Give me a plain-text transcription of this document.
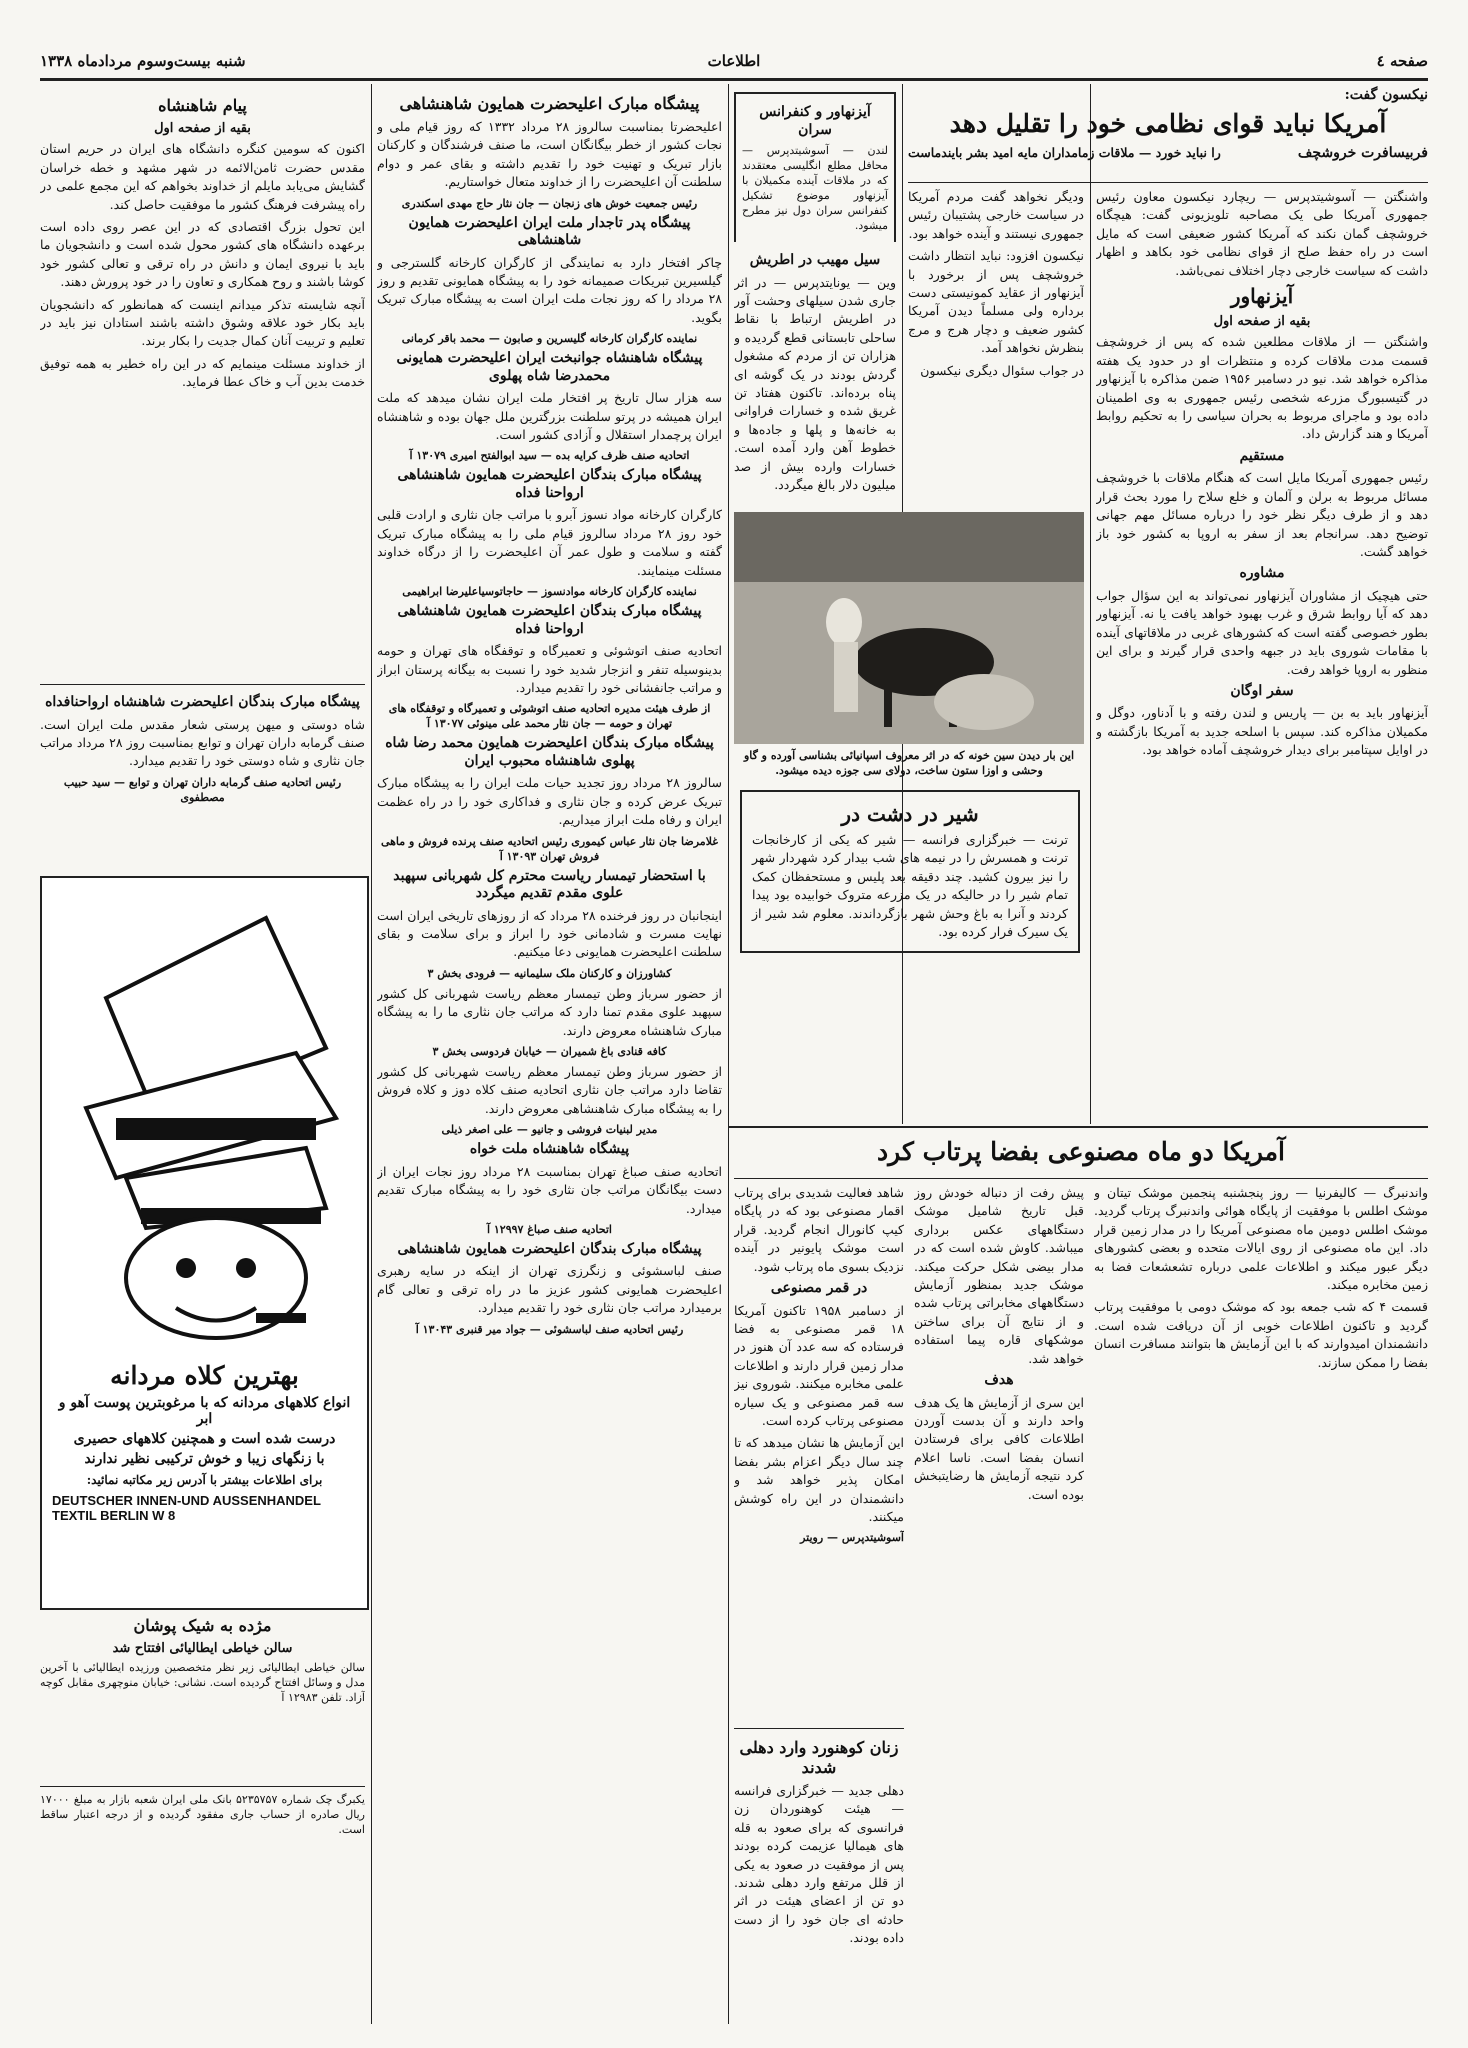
صفحه ٤
اطلاعات
شنبه بیست‌وسوم مردادماه ۱۳۳۸
نیکسون گفت:
آمریکا نباید قوای نظامی خود را تقلیل دهد
فربیسافرت خروشچف
را نباید خورد — ملاقات زمامداران مایه امید بشر بایندماست

واشنگتن — آسوشیتدپرس — ریچارد نیکسون معاون رئیس جمهوری آمریکا طی یک مصاحبه تلویزیونی گفت: هیچگاه خروشچف گمان نکند که آمریکا کشور ضعیفی است که مایل است در راه حفظ صلح از قوای نظامی خود بکاهد و اظهار داشت که سیاست خارجی دچار اختلاف نمی‌باشد.

آیزنهاور
بقیه از صفحه اول

واشنگتن — از ملاقات مطلعین شده که پس از خروشچف قسمت مدت ملاقات کرده و منتظرات او در حدود یک هفته مذاکره خواهد شد. نیو در دسامبر ۱۹۵۶ ضمن مذاکره با آیزنهاور در گتیسبورگ مزرعه شخصی رئیس جمهوری به وی اطمینان داده بود و ماجرای مربوط به بحران سیاسی را به تحکیم روابط آمریکا و هند گزارش داد.

مستقیم

رئیس جمهوری آمریکا مایل است که هنگام ملاقات با خروشچف مسائل مربوط به برلن و آلمان و خلع سلاح را مورد بحث قرار دهد و از طرف دیگر نظر خود را درباره مسائل مهم جهانی توضیح دهد. سرانجام بعد از سفر به اروپا به کشور خود باز خواهد گشت.

مشاوره

حتی هیچیک از مشاوران آیزنهاور نمی‌تواند به این سؤال جواب دهد که آیا روابط شرق و غرب بهبود خواهد یافت یا نه. آیزنهاور بطور خصوصی گفته است که کشورهای غربی در ملاقاتهای آینده با مقامات شوروی باید در جبهه واحدی قرار گیرند و برای این منظور به اروپا خواهد رفت.

سفر اوگان

آیزنهاور باید به بن — پاریس و لندن رفته و با آدناور، دوگل و مکمیلان مذاکره کند. سپس با اسلحه جدید به آمریکا بازگشته و در اوایل سپتامبر برای دیدار خروشچف آماده خواهد بود.

ودیگر نخواهد گفت مردم آمریکا در سیاست خارجی پشتیبان رئیس جمهوری نیستند و آینده خواهد بود.

نیکسون افزود: نباید انتظار داشت خروشچف پس از برخورد با آیزنهاور از عقاید کمونیستی دست برداره ولی مسلماً دیدن آمریکا کشور ضعیف و دچار هرج و مرج بنظرش نخواهد آمد.

در جواب سئوال دیگری نیکسون

آیزنهاور و کنفرانس سران

لندن — آسوشیتدپرس — محافل مطلع انگلیسی معتقدند که در ملاقات آینده مکمیلان با آیزنهاور موضوع تشکیل کنفرانس سران دول نیز مطرح میشود.

سیل مهیب در اطریش

وین — یونایتدپرس — در اثر جاری شدن سیلهای وحشت آور در اطریش ارتباط با نقاط ساحلی تابستانی قطع گردیده و هزاران تن از مردم که مشغول گردش بودند در یک گوشه ای پناه برده‌اند. تاکنون هفتاد تن غریق شده و خسارات فراوانی به خانه‌ها و پلها و جاده‌ها و خطوط آهن وارد آمده است. خسارات وارده بیش از صد میلیون دلار بالغ میگردد.

این بار دیدن سین خونه که در اثر معروف اسپانیائی بشناسی آورده و گاو وحشی و اوزا ستون ساخت، دولای سی جوزه دیده میشود.
شیر در دشت در

ترنت — خبرگزاری فرانسه — شیر که یکی از کارخانجات ترنت و همسرش را در نیمه های شب بیدار کرد شهردار شهر را نیز بیرون کشید. چند دقیقه بعد پلیس و مستحفظان کمک تمام شیر را در حالیکه در یک مزرعه متروک خوابیده بود پیدا کردند و آنرا به باغ وحش شهر بازگرداندند. معلوم شد شیر از یک سیرک فرار کرده بود.

پیشگاه مبارک اعلیحضرت همایون شاهنشاهی

اعلیحضرتا بمناسبت سالروز ۲۸ مرداد ۱۳۳۲ که روز قیام ملی و نجات کشور از خطر بیگانگان است، ما صنف فرشندگان و کارکنان بازار تبریک و تهنیت خود را تقدیم داشته و بقای عمر و دوام سلطنت آن اعلیحضرت را از خداوند متعال خواستاریم.

رئیس جمعیت خوش های زنجان — جان نثار حاج مهدی اسکندری

پیشگاه پدر تاجدار ملت ایران اعلیحضرت همایون شاهنشاهی

چاکر افتخار دارد به نمایندگی از کارگران کارخانه گلسترجی و گیلسیرین تبریکات صمیمانه خود را به پیشگاه همایونی تقدیم و روز ۲۸ مرداد را که روز نجات ملت ایران است به پیشگاه مبارک تبریک بگوید.

نماینده کارگران کارخانه گلیسرین و صابون — محمد باقر کرمانی

پیشگاه شاهنشاه جوانبخت ایران اعلیحضرت همایونی محمدرضا شاه پهلوی

سه هزار سال تاریخ پر افتخار ملت ایران نشان میدهد که ملت ایران همیشه در پرتو سلطنت بزرگترین ملل جهان بوده و شاهنشاه ایران پرچمدار استقلال و آزادی کشور است.

اتحادیه صنف ظرف کرایه بده — سید ابوالفتح امیری ۱۳۰۷۹ آ

پیشگاه مبارک بندگان اعلیحضرت همایون شاهنشاهی ارواحنا فداه

کارگران کارخانه مواد نسوز آبرو با مراتب جان نثاری و ارادت قلبی خود روز ۲۸ مرداد سالروز قیام ملی را به پیشگاه مبارک تبریک گفته و سلامت و طول عمر آن اعلیحضرت را از درگاه خداوند مسئلت مینمایند.

نماینده کارگران کارخانه موادنسوز — حاجاتوسیاعلیرضا ابراهیمی

پیشگاه مبارک بندگان اعلیحضرت همایون شاهنشاهی ارواحنا فداه

اتحادیه صنف اتوشوئی و تعمیرگاه و توقفگاه های تهران و حومه بدینوسیله تنفر و انزجار شدید خود را نسبت به بیگانه پرستان ابراز و مراتب جانفشانی خود را تقدیم میدارد.

از طرف هیئت مدیره اتحادیه صنف اتوشوئی و تعمیرگاه و توقفگاه های تهران و حومه — جان نثار محمد علی مینوئی ۱۳۰۷۷ آ

پیشگاه مبارک بندگان اعلیحضرت همایون محمد رضا شاه پهلوی شاهنشاه محبوب ایران

سالروز ۲۸ مرداد روز تجدید حیات ملت ایران را به پیشگاه مبارک تبریک عرض کرده و جان نثاری و فداکاری خود را در راه عظمت ایران و رفاه ملت ابراز میداریم.

غلامرضا جان نثار عباس کیموری رئیس اتحادیه صنف پرنده فروش و ماهی فروش تهران ۱۳۰۹۳ آ

با استحضار تیمسار ریاست محترم کل شهربانی سپهبد علوی مقدم تقدیم میگردد

اینجانبان در روز فرخنده ۲۸ مرداد که از روزهای تاریخی ایران است نهایت مسرت و شادمانی خود را ابراز و برای سلامت و بقای سلطنت اعلیحضرت همایونی دعا میکنیم.

کشاورزان و کارکنان ملک سلیمانیه — فرودی بخش ۳

از حضور سرباز وطن تیمسار معظم ریاست شهربانی کل کشور سپهبد علوی مقدم تمنا دارد که مراتب جان نثاری ما را به پیشگاه مبارک شاهنشاه معروض دارند.

کافه قنادی باغ شمیران — خیابان فردوسی بخش ۳

از حضور سرباز وطن تیمسار معظم ریاست شهربانی کل کشور تقاضا دارد مراتب جان نثاری اتحادیه صنف کلاه دوز و کلاه فروش را به پیشگاه مبارک شاهنشاهی معروض دارند.

مدیر لبنیات فروشی و جانیو — علی اصغر ذیلی

پیشگاه شاهنشاه ملت خواه

اتحادیه صنف صباغ تهران بمناسبت ۲۸ مرداد روز نجات ایران از دست بیگانگان مراتب جان نثاری خود را به پیشگاه مبارک تقدیم میدارد.

اتحادیه صنف صباغ ۱۲۹۹۷ آ

پیشگاه مبارک بندگان اعلیحضرت همایون شاهنشاهی

صنف لباسشوئی و زنگرزی تهران از اینکه در سایه رهبری اعلیحضرت همایونی کشور عزیز ما در راه ترقی و تعالی گام برمیدارد مراتب جان نثاری خود را تقدیم میدارد.

رئیس اتحادیه صنف لباسشوئی — جواد میر قنبری ۱۳۰۴۳ آ

پیام شاهنشاه
بقیه از صفحه اول

اکنون که سومین کنگره دانشگاه های ایران در حریم استان مقدس حضرت ثامن‌الائمه در شهر مشهد و خطه خراسان گشایش می‌یابد مایلم از خداوند بخواهم که این مجمع علمی در راه پیشرفت فرهنگ کشور ما موفقیت حاصل کند.

این تحول بزرگ اقتصادی که در این عصر روی داده است برعهده دانشگاه های کشور محول شده است و دانشجویان ما باید با نیروی ایمان و دانش در راه ترقی و تعالی کشور خود کوشا باشند و روح همکاری و تعاون را در خود پرورش دهند.

آنچه شایسته تذکر میدانم اینست که همانطور که دانشجویان باید بکار خود علاقه وشوق داشته باشند استادان نیز باید در تعلیم و تربیت آنان کمال جدیت را بکار برند.

از خداوند مسئلت مینمایم که در این راه خطیر به همه توفیق خدمت بدین آب و خاک عطا فرماید.

پیشگاه مبارک بندگان اعلیحضرت شاهنشاه ارواحنافداه

شاه دوستی و میهن پرستی شعار مقدس ملت ایران است. صنف گرمابه داران تهران و توابع بمناسبت روز ۲۸ مرداد مراتب جان نثاری و شاه دوستی خود را تقدیم میدارد.

رئیس اتحادیه صنف گرمابه داران تهران و توابع — سید حبیب مصطفوی

بهترین کلاه مردانه
انواع کلاههای مردانه که با مرغوبترین پوست آهو و ابر
درست شده است و همچنین کلاههای حصیری
با زنگهای زیبا و خوش ترکیبی نظیر ندارند
برای اطلاعات بیشتر با آدرس زیر مکاتبه نمائید:
DEUTSCHER INNEN-UND AUSSENHANDEL
TEXTIL BERLIN W 8
مژده به شیک پوشان
سالن خیاطی ایطالیائی افتتاح شد

سالن خیاطی ایطالیائی زیر نظر متخصصین ورزیده ایطالیائی با آخرین مدل و وسائل افتتاح گردیده است. نشانی: خیابان منوچهری مقابل کوچه آزاد. تلفن ۱۲۹۸۳ آ

یکبرگ چک شماره ۵۲۳۵۷۵۷ بانک ملی ایران شعبه بازار به مبلغ ۱۷۰۰۰ ریال صادره از حساب جاری مفقود گردیده و از درجه اعتبار ساقط است.
آمریکا دو ماه مصنوعی بفضا پرتاب کرد

واندنبرگ — کالیفرنیا — روز پنجشنبه پنجمین موشک تیتان و موشک اطلس با موفقیت از پایگاه هوائی واندنبرگ پرتاب گردید. موشک اطلس دومین ماه مصنوعی آمریکا را در مدار زمین قرار داد. این ماه مصنوعی از روی ایالات متحده و بعضی کشورهای دیگر عبور میکند و اطلاعات علمی درباره تشعشعات فضا به زمین مخابره میکند.

قسمت ۴ که شب جمعه بود که موشک دومی با موفقیت پرتاب گردید و تاکنون اطلاعات خوبی از آن دریافت شده است. دانشمندان امیدوارند که با این آزمایش ها بتوانند مسافرت انسان بفضا را ممکن سازند.

پیش رفت از دنباله خودش روز قبل تاریخ شامیل موشک دستگاههای عکس برداری میباشد. کاوش شده است که در مدار بیضی شکل حرکت میکند. موشک جدید بمنظور آزمایش دستگاههای مخابراتی پرتاب شده و از نتایج آن برای ساختن موشکهای قاره پیما استفاده خواهد شد.

هدف

این سری از آزمایش ها یک هدف واحد دارند و آن بدست آوردن اطلاعات کافی برای فرستادن انسان بفضا است. ناسا اعلام کرد نتیجه آزمایش ها رضایتبخش بوده است.

شاهد فعالیت شدیدی برای پرتاب اقمار مصنوعی بود که در پایگاه کیپ کانورال انجام گردید. قرار است موشک پایونیر در آینده نزدیک بسوی ماه پرتاب شود.

در قمر مصنوعی

از دسامبر ۱۹۵۸ تاکنون آمریکا ۱۸ قمر مصنوعی به فضا فرستاده که سه عدد آن هنوز در مدار زمین قرار دارند و اطلاعات علمی مخابره میکنند. شوروی نیز سه قمر مصنوعی و یک سیاره مصنوعی پرتاب کرده است.

این آزمایش ها نشان میدهد که تا چند سال دیگر اعزام بشر بفضا امکان پذیر خواهد شد و دانشمندان در این راه کوشش میکنند.

آسوشیتدپرس — رویتر

زنان کوهنورد وارد دهلی شدند

دهلی جدید — خبرگزاری فرانسه — هیئت کوهنوردان زن فرانسوی که برای صعود به قله های هیمالیا عزیمت کرده بودند پس از موفقیت در صعود به یکی از قلل مرتفع وارد دهلی شدند. دو تن از اعضای هیئت در اثر حادثه ای جان خود را از دست داده بودند.
